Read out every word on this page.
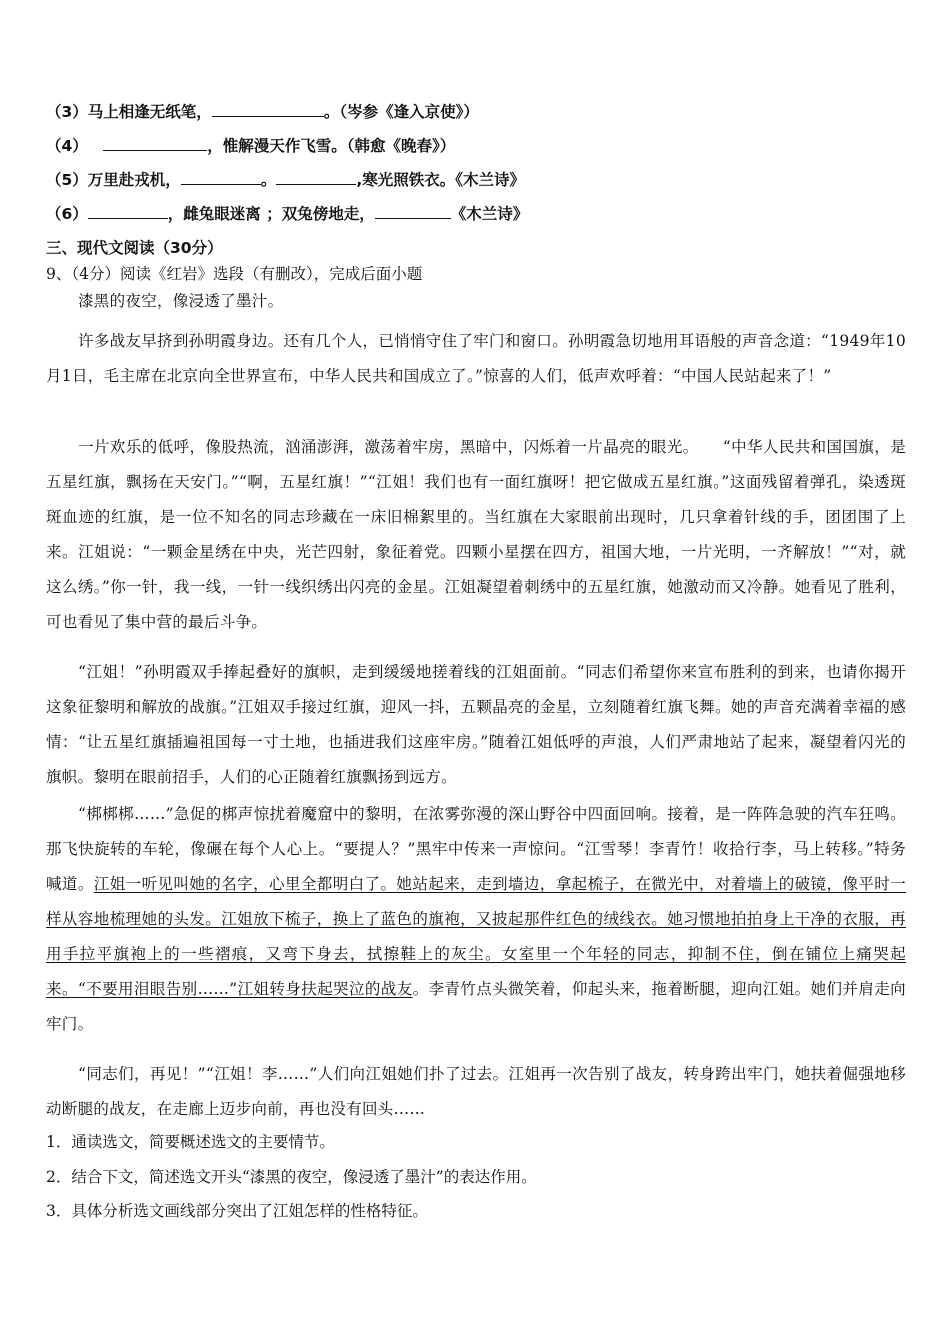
（3）马上相逢无纸笔，	。（岑参《逢入京使》）
（4）	，惟解漫天作飞雪。（韩愈《晚春》）
（5）万里赴戎机，	。	,寒光照铁衣。《木兰诗》
（6）	，雌兔眼迷离 ；双兔傍地走，	《木兰诗》
三、现代文阅读（30分）
9、（4分）阅读《红岩》选段（有删改），完成后面小题
漆黑的夜空，像浸透了墨汁。
许多战友早挤到孙明霞身边。还有几个人，已悄悄守住了牢门和窗口。孙明霞急切地用耳语般的声音念道：“1949年10月1日，毛主席在北京向全世界宣布，中华人民共和国成立了。”惊喜的人们，低声欢呼着：“中国人民站起来了！”
一片欢乐的低呼，像股热流，汹涌澎湃，激荡着牢房，黑暗中，闪烁着一片晶亮的眼光。　　“中华人民共和国国旗，是五星红旗，飘扬在天安门。”“啊，五星红旗！”“江姐！我们也有一面红旗呀！把它做成五星红旗。”这面残留着弹孔，染透斑斑血迹的红旗，是一位不知名的同志珍藏在一床旧棉絮里的。当红旗在大家眼前出现时，几只拿着针线的手，团团围了上来。江姐说：“一颗金星绣在中央，光芒四射，象征着党。四颗小星摆在四方，祖国大地，一片光明，一齐解放！”“对，就这么绣。”你一针，我一线，一针一线织绣出闪亮的金星。江姐凝望着刺绣中的五星红旗，她激动而又冷静。她看见了胜利，可也看见了集中营的最后斗争。
“江姐！”孙明霞双手捧起叠好的旗帜，走到缓缓地搓着线的江姐面前。“同志们希望你来宣布胜利的到来，也请你揭开这象征黎明和解放的战旗。”江姐双手接过红旗，迎风一抖，五颗晶亮的金星，立刻随着红旗飞舞。她的声音充满着幸福的感情：“让五星红旗插遍祖国每一寸土地，也插进我们这座牢房。”随着江姐低呼的声浪，人们严肃地站了起来，凝望着闪光的旗帜。黎明在眼前招手，人们的心正随着红旗飘扬到远方。
“梆梆梆……”急促的梆声惊扰着魔窟中的黎明，在浓雾弥漫的深山野谷中四面回响。接着，是一阵阵急驶的汽车狂鸣。那飞快旋转的车轮，像碾在每个人心上。“要提人？”黑牢中传来一声惊问。“江雪琴！李青竹！收拾行李，马上转移。”特务喊道。江姐一听见叫她的名字，心里全都明白了。她站起来，走到墙边，拿起梳子，在微光中，对着墙上的破镜，像平时一样从容地梳理她的头发。江姐放下梳子，换上了蓝色的旗袍，又披起那件红色的绒线衣。她习惯地拍拍身上干净的衣服，再用手拉平旗袍上的一些褶痕，又弯下身去，拭擦鞋上的灰尘。女室里一个年轻的同志，抑制不住，倒在铺位上痛哭起来。“不要用泪眼告别……”江姐转身扶起哭泣的战友。李青竹点头微笑着，仰起头来，拖着断腿，迎向江姐。她们并肩走向牢门。
“同志们，再见！”“江姐！李……”人们向江姐她们扑了过去。江姐再一次告别了战友，转身跨出牢门，她扶着倔强地移动断腿的战友，在走廊上迈步向前，再也没有回头……
1．通读选文，简要概述选文的主要情节。
2．结合下文，简述选文开头“漆黑的夜空，像浸透了墨汁”的表达作用。
3．具体分析选文画线部分突出了江姐怎样的性格特征。
